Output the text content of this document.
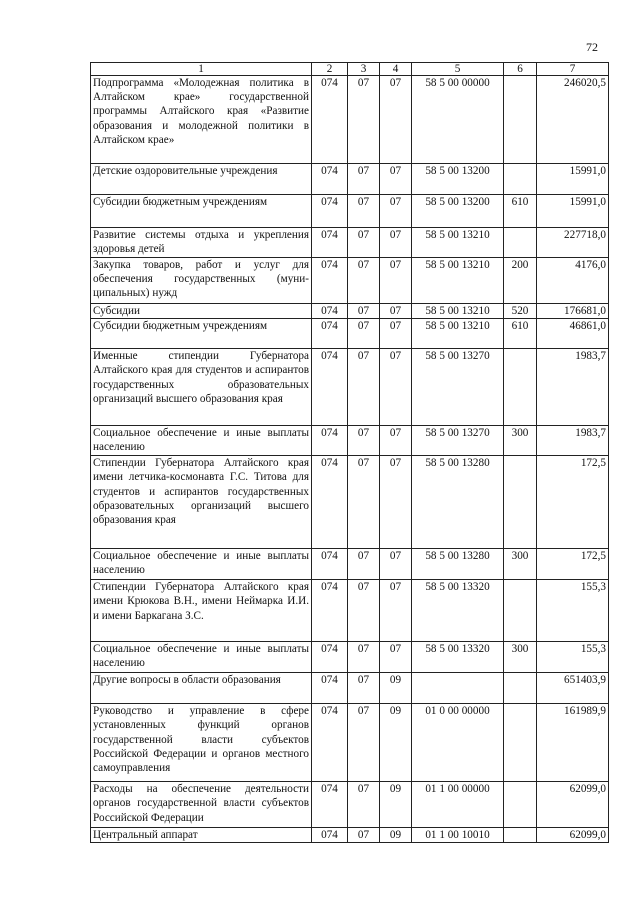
72
1	2	3	4	5	6	7
Подпрограмма «Молодежная политика в Алтайском крае» государственной программы Алтайского края «Развитие образования и молодежной политики в Алтайском крае»	074	07	07	58 5 00 00000		246020,5
Детские оздоровительные учреждения	074	07	07	58 5 00 13200		15991,0
Субсидии бюджетным учреждениям	074	07	07	58 5 00 13200	610	15991,0
Развитие системы отдыха и укрепления здоровья детей	074	07	07	58 5 00 13210		227718,0
Закупка товаров, работ и услуг для обеспечения государственных (муниципальных) нужд	074	07	07	58 5 00 13210	200	4176,0
Субсидии	074	07	07	58 5 00 13210	520	176681,0
Субсидии бюджетным учреждениям	074	07	07	58 5 00 13210	610	46861,0
Именные стипендии Губернатора Алтайского края для студентов и аспирантов государственных образовательных организаций высшего образования края	074	07	07	58 5 00 13270		1983,7
Социальное обеспечение и иные выплаты населению	074	07	07	58 5 00 13270	300	1983,7
Стипендии Губернатора Алтайского края имени летчика-космонавта Г.С. Титова для студентов и аспирантов государственных образовательных организаций высшего образования края	074	07	07	58 5 00 13280		172,5
Социальное обеспечение и иные выплаты населению	074	07	07	58 5 00 13280	300	172,5
Стипендии Губернатора Алтайского края имени Крюкова В.Н., имени Неймарка И.И. и имени Баркагана З.С.	074	07	07	58 5 00 13320		155,3
Социальное обеспечение и иные выплаты населению	074	07	07	58 5 00 13320	300	155,3
Другие вопросы в области образования	074	07	09			651403,9
Руководство и управление в сфере установленных функций органов государственной власти субъектов Российской Федерации и органов местного самоуправления	074	07	09	01 0 00 00000		161989,9
Расходы на обеспечение деятельности органов государственной власти субъектов Российской Федерации	074	07	09	01 1 00 00000		62099,0
Центральный аппарат	074	07	09	01 1 00 10010		62099,0
